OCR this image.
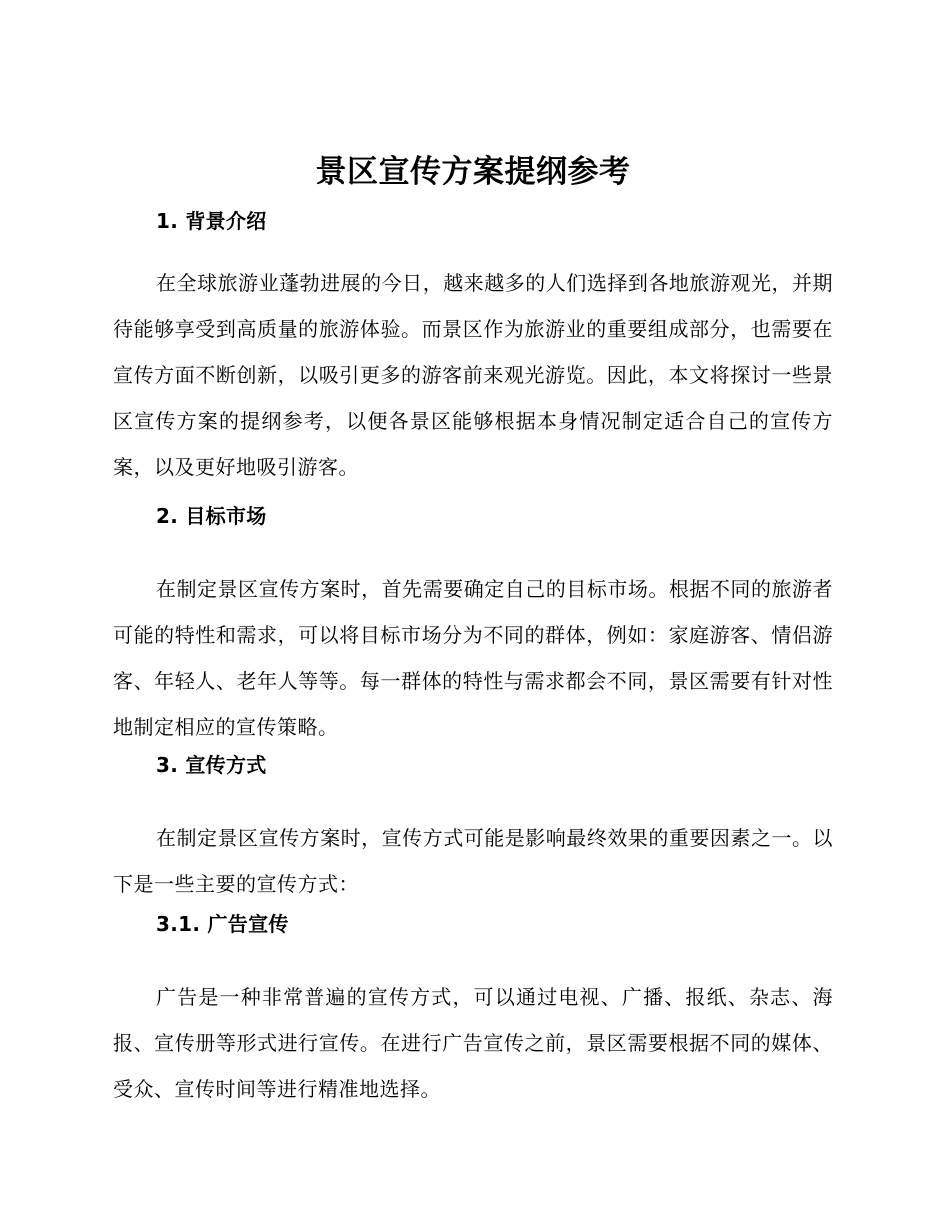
景区宣传方案提纲参考

1. 背景介绍

在全球旅游业蓬勃进展的今日，越来越多的人们选择到各地旅游观光，并期待能够享受到高质量的旅游体验。而景区作为旅游业的重要组成部分，也需要在宣传方面不断创新，以吸引更多的游客前来观光游览。因此，本文将探讨一些景区宣传方案的提纲参考，以便各景区能够根据本身情况制定适合自己的宣传方案，以及更好地吸引游客。

2. 目标市场

在制定景区宣传方案时，首先需要确定自己的目标市场。根据不同的旅游者可能的特性和需求，可以将目标市场分为不同的群体，例如：家庭游客、情侣游客、年轻人、老年人等等。每一群体的特性与需求都会不同，景区需要有针对性地制定相应的宣传策略。

3. 宣传方式

在制定景区宣传方案时，宣传方式可能是影响最终效果的重要因素之一。以下是一些主要的宣传方式：

3.1. 广告宣传

广告是一种非常普遍的宣传方式，可以通过电视、广播、报纸、杂志、海报、宣传册等形式进行宣传。在进行广告宣传之前，景区需要根据不同的媒体、受众、宣传时间等进行精准地选择。
